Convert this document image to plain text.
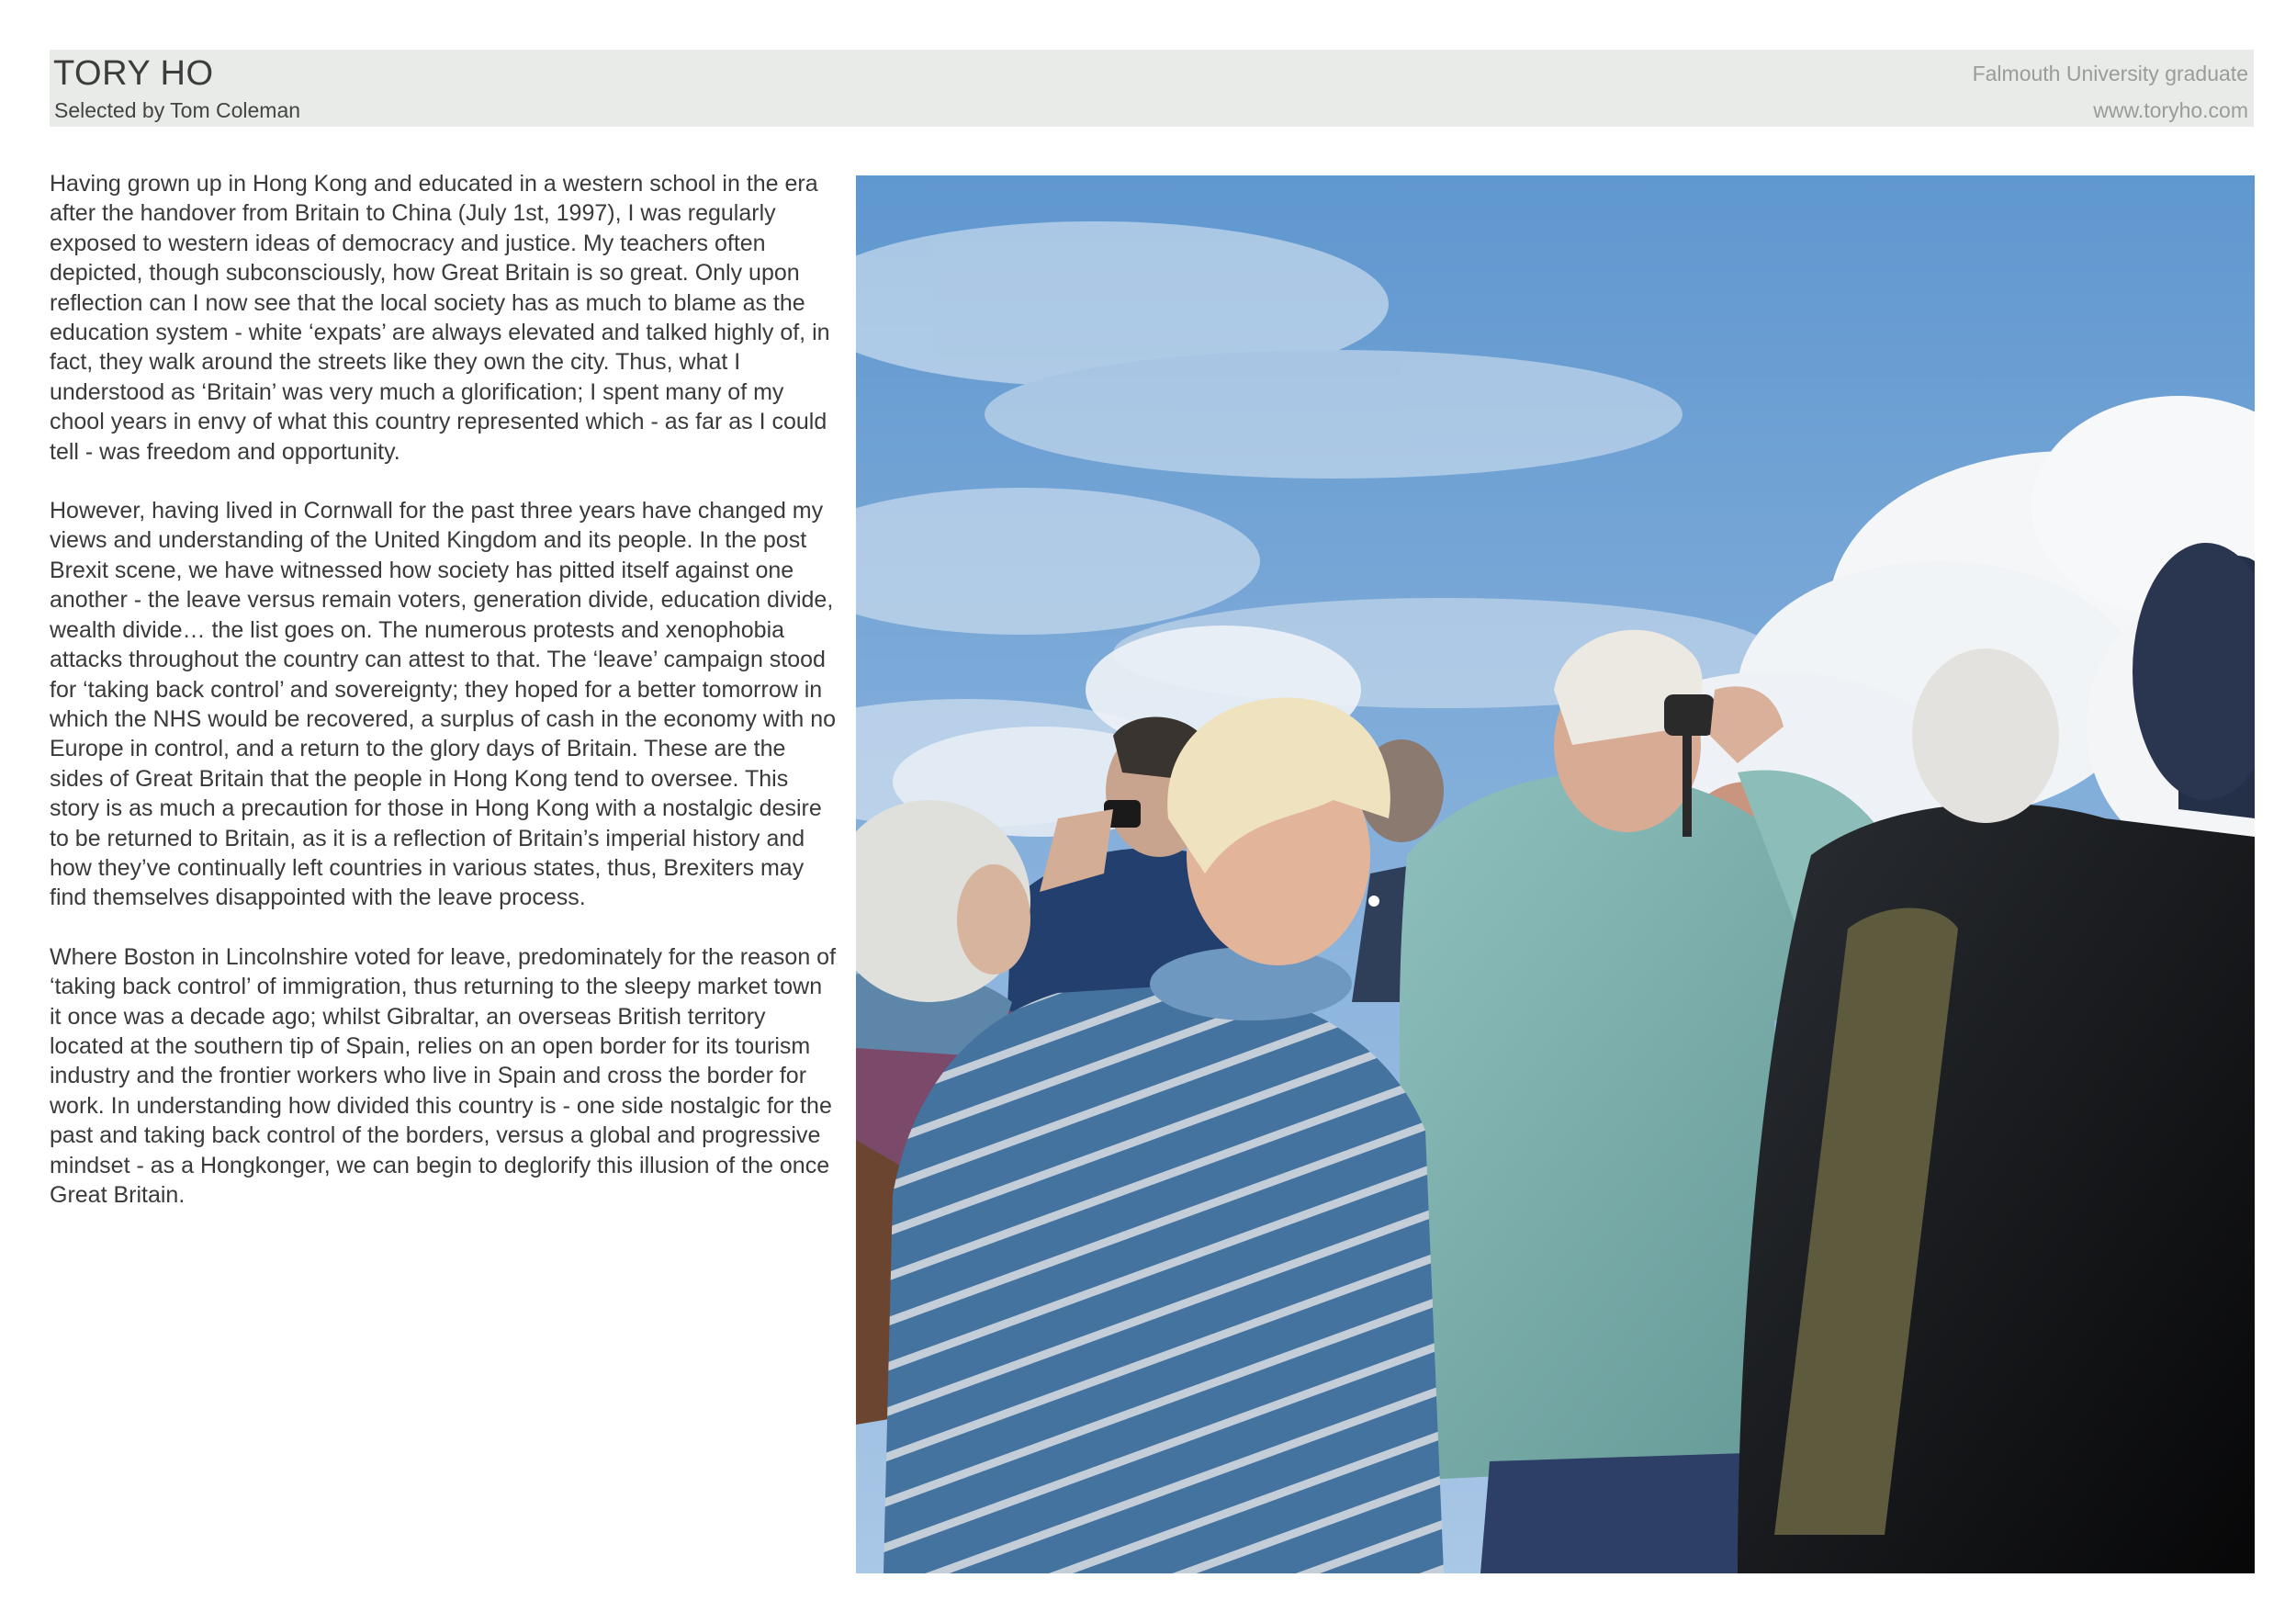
TORY HO
Selected by Tom Coleman
Falmouth University graduate
www.toryho.com

Having grown up in Hong Kong and educated in a western school in the era after the handover from Britain to China (July 1st, 1997), I was regularly exposed to western ideas of democracy and justice. My teachers often depicted, though subconsciously, how Great Britain is so great. Only upon reflection can I now see that the local society has as much to blame as the education system - white ‘expats’ are always elevated and talked highly of, in fact, they walk around the streets like they own the city. Thus, what I understood as ‘Britain’ was very much a glorification; I spent many of my chool years in envy of what this country represented which - as far as I could tell - was freedom and opportunity.

However, having lived in Cornwall for the past three years have changed my views and understanding of the United Kingdom and its people. In the post Brexit scene, we have witnessed how society has pitted itself against one another - the leave versus remain voters, generation divide, education divide, wealth divide… the list goes on. The numerous protests and xenophobia attacks throughout the country can attest to that. The ‘leave’ campaign stood for ‘taking back control’ and sovereignty; they hoped for a better tomorrow in which the NHS would be recovered, a surplus of cash in the economy with no Europe in control, and a return to the glory days of Britain. These are the sides of Great Britain that the people in Hong Kong tend to oversee. This story is as much a precaution for those in Hong Kong with a nostalgic desire to be returned to Britain, as it is a reflection of Britain’s imperial history and how they’ve continually left countries in various states, thus, Brexiters may find themselves disappointed with the leave process.

Where Boston in Lincolnshire voted for leave, predominately for the reason of ‘taking back control’ of immigration, thus returning to the sleepy market town it once was a decade ago; whilst Gibraltar, an overseas British territory located at the southern tip of Spain, relies on an open border for its tourism industry and the frontier workers who live in Spain and cross the border for work. In understanding how divided this country is - one side nostalgic for the past and taking back control of the borders, versus a global and progressive mindset - as a Hongkonger, we can begin to deglorify this illusion of the once Great Britain.
